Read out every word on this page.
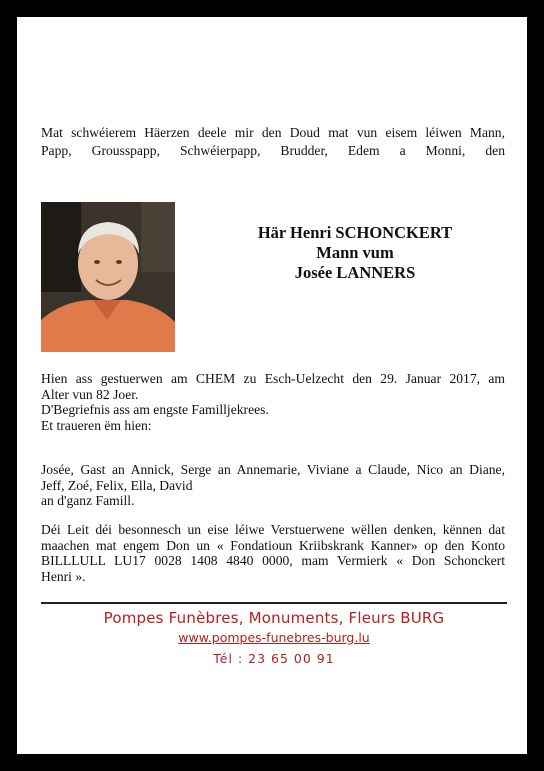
Mat schwéierem Häerzen deele mir den Doud mat vun eisem léiwen Mann,
Papp, Grousspapp, Schwéierpapp, Brudder, Edem a Monni, den
Här Henri SCHONCKERT
Mann vum
Josée LANNERS
Hien ass gestuerwen am CHEM zu Esch-Uelzecht den 29. Januar 2017, am
Alter vun 82 Joer.
D'Begriefnis ass am engste Familljekrees.
Et traueren ëm hien:
Josée, Gast an Annick, Serge an Annemarie, Viviane a Claude, Nico an Diane,
Jeff, Zoé, Felix, Ella, David
an d'ganz Famill.
Déi Leit déi besonnesch un eise léiwe Verstuerwene wëllen denken, kënnen dat
maachen mat engem Don un « Fondatioun Kriibskrank Kanner» op den Konto
BILLLULL LU17 0028 1408 4840 0000, mam Vermierk « Don Schonckert
Henri ».
Pompes Funèbres, Monuments, Fleurs BURG
www.pompes-funebres-burg.lu
Tél : 23 65 00 91
